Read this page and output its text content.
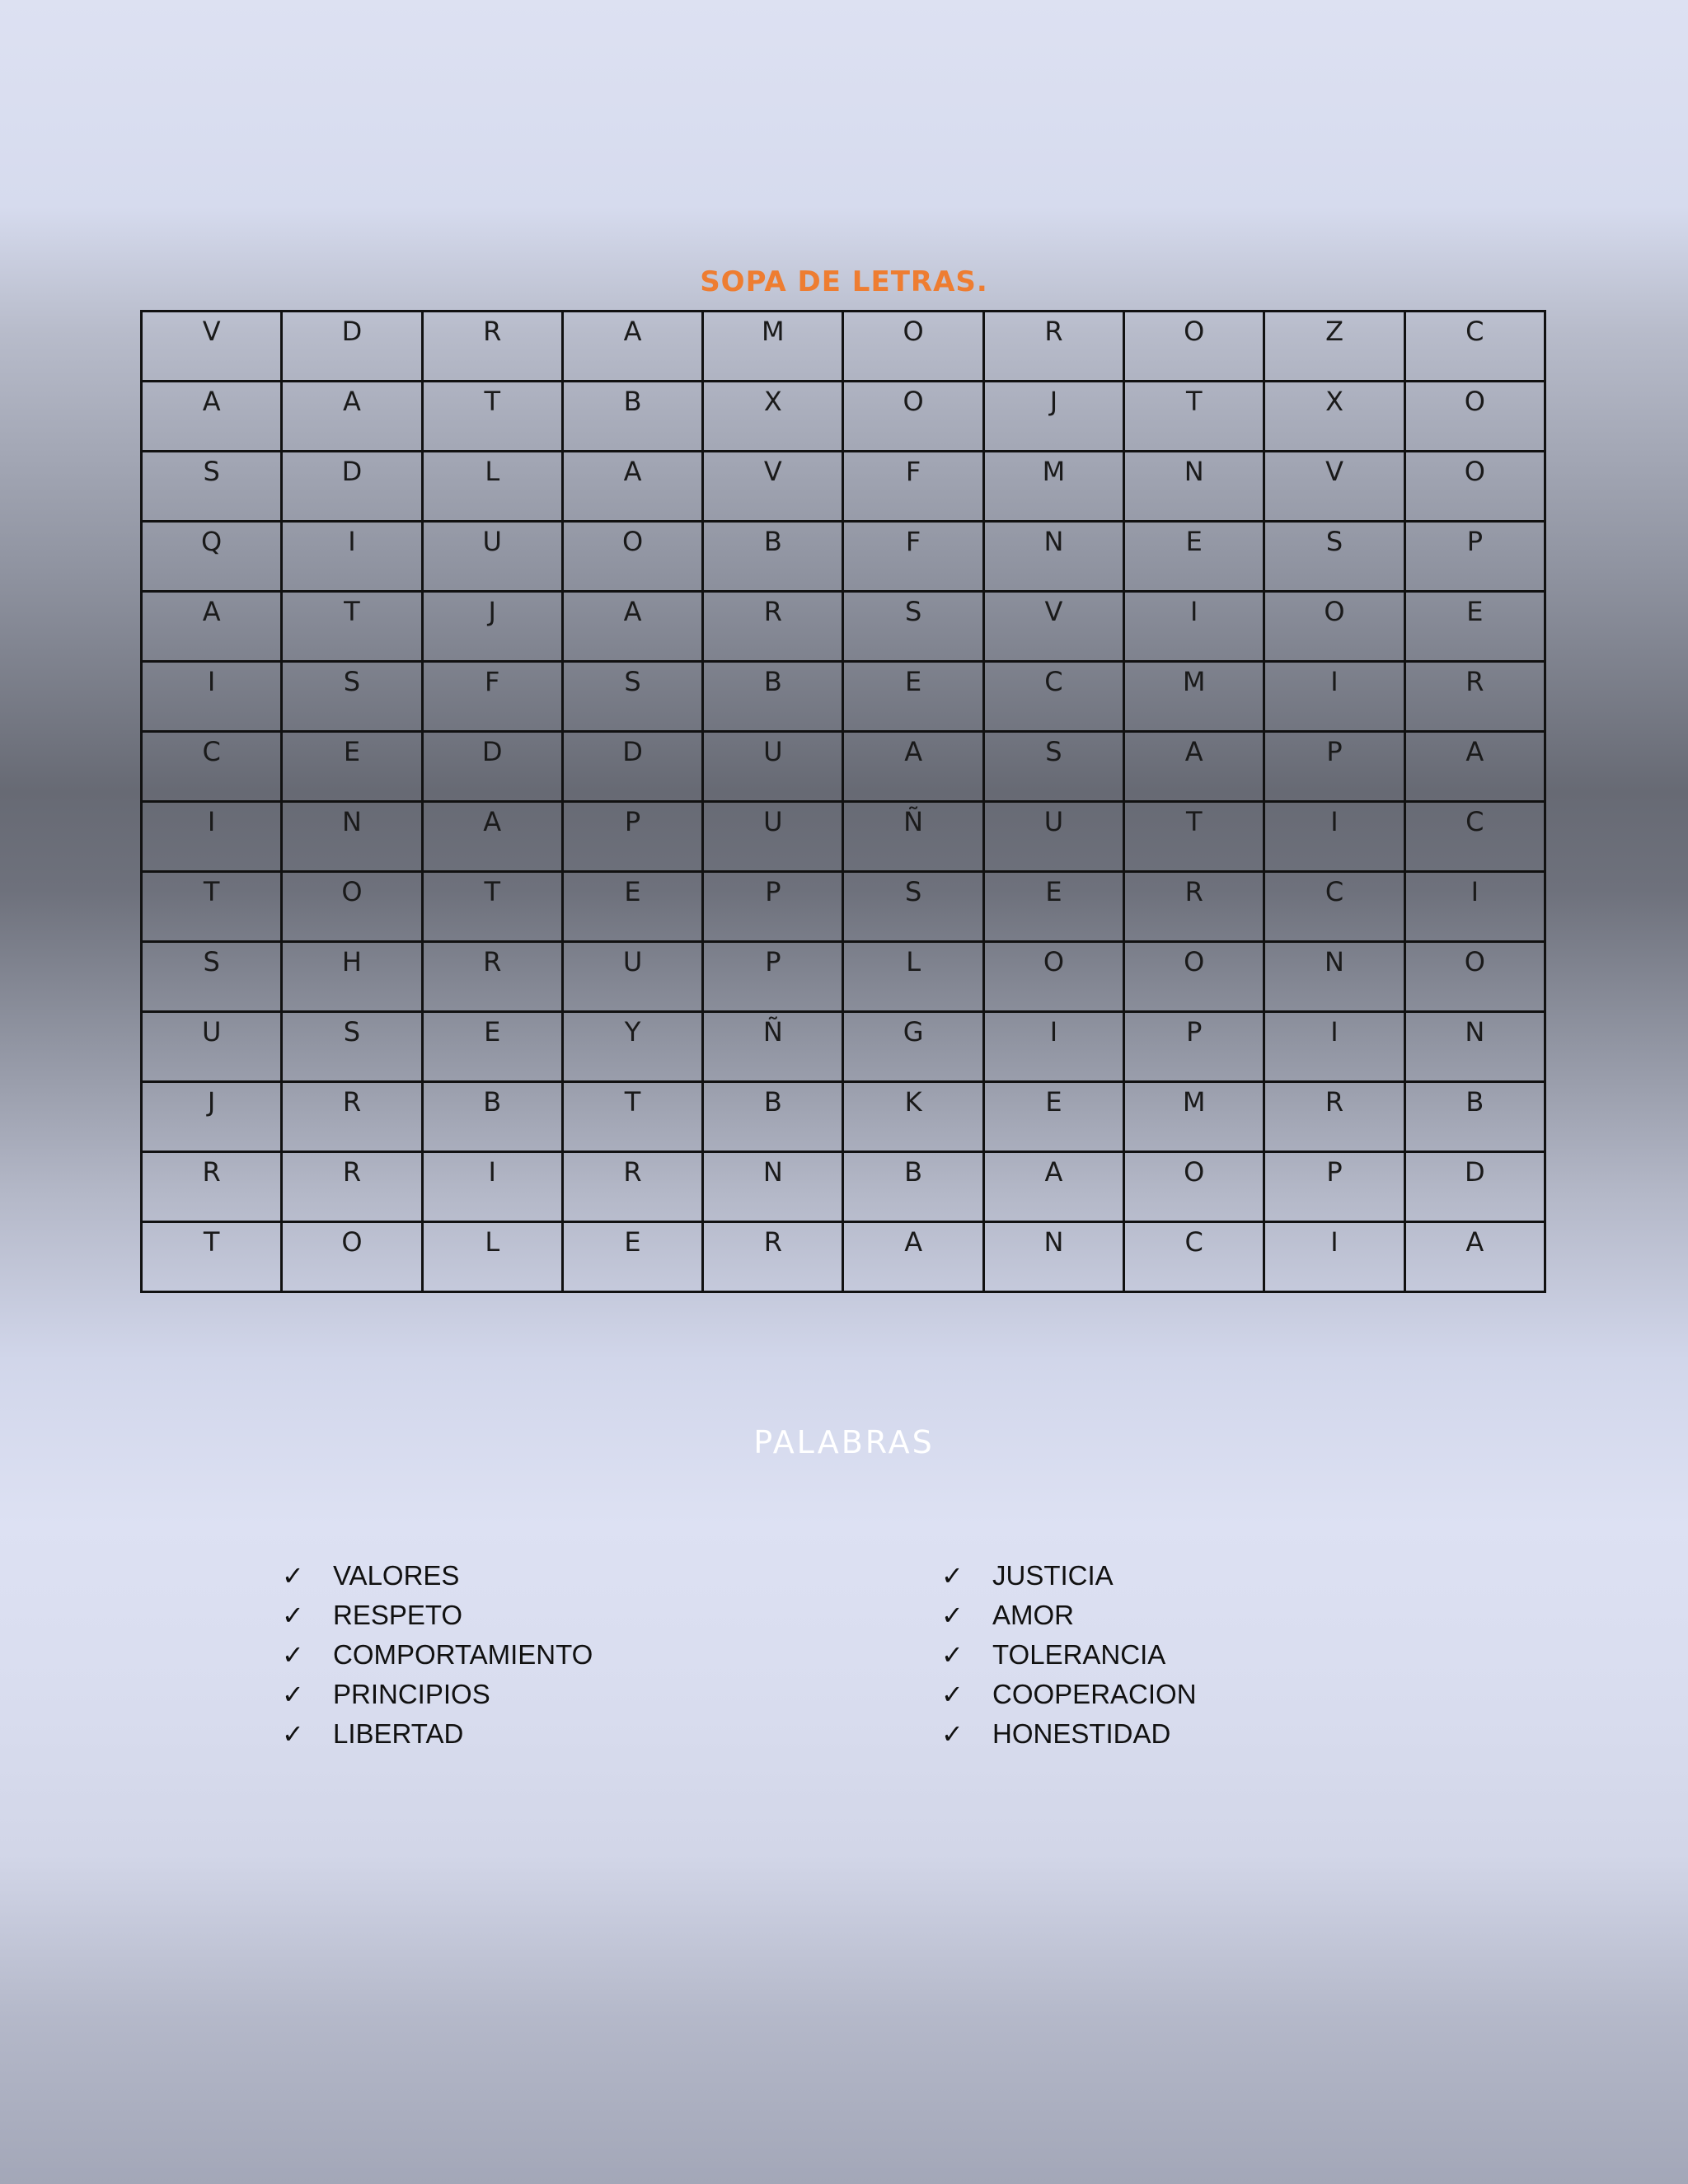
SOPA DE LETRAS.
V	D	R	A	M	O	R	O	Z	C
A	A	T	B	X	O	J	T	X	O
S	D	L	A	V	F	M	N	V	O
Q	I	U	O	B	F	N	E	S	P
A	T	J	A	R	S	V	I	O	E
I	S	F	S	B	E	C	M	I	R
C	E	D	D	U	A	S	A	P	A
I	N	A	P	U	Ñ	U	T	I	C
T	O	T	E	P	S	E	R	C	I
S	H	R	U	P	L	O	O	N	O
U	S	E	Y	Ñ	G	I	P	I	N
J	R	B	T	B	K	E	M	R	B
R	R	I	R	N	B	A	O	P	D
T	O	L	E	R	A	N	C	I	A
PALABRAS
✓ VALORES
✓ RESPETO
✓ COMPORTAMIENTO
✓ PRINCIPIOS
✓ LIBERTAD
✓ JUSTICIA
✓ AMOR
✓ TOLERANCIA
✓ COOPERACION
✓ HONESTIDAD
